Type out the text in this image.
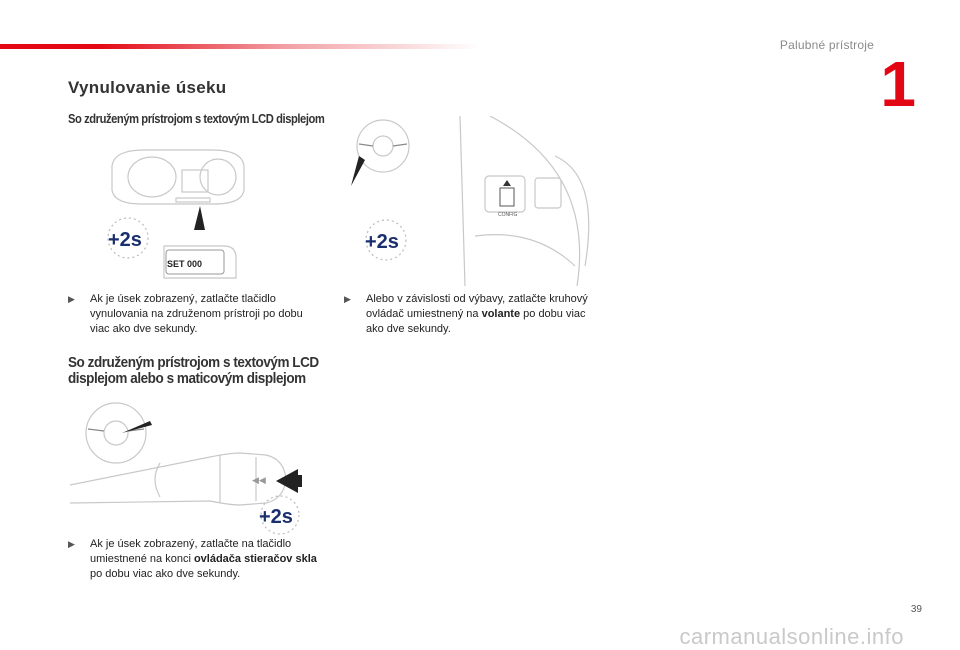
Palubné prístroje
1
Vynulovanie úseku
So združeným prístrojom s textovým LCD displejom
SET 000
+2s
CONFIG
+2s
▶	Ak je úsek zobrazený, zatlačte tlačidlo vynulovania na združenom prístroji po dobu viac ako dve sekundy.
▶	Alebo v závislosti od výbavy, zatlačte kruhový ovládač umiestnený na volante po dobu viac ako dve sekundy.
So združeným prístrojom s textovým LCD displejom alebo s maticovým displejom
◀◀
+2s
▶	Ak je úsek zobrazený, zatlačte na tlačidlo umiestnené na konci ovládača stieračov skla po dobu viac ako dve sekundy.
39
carmanualsonline.info
